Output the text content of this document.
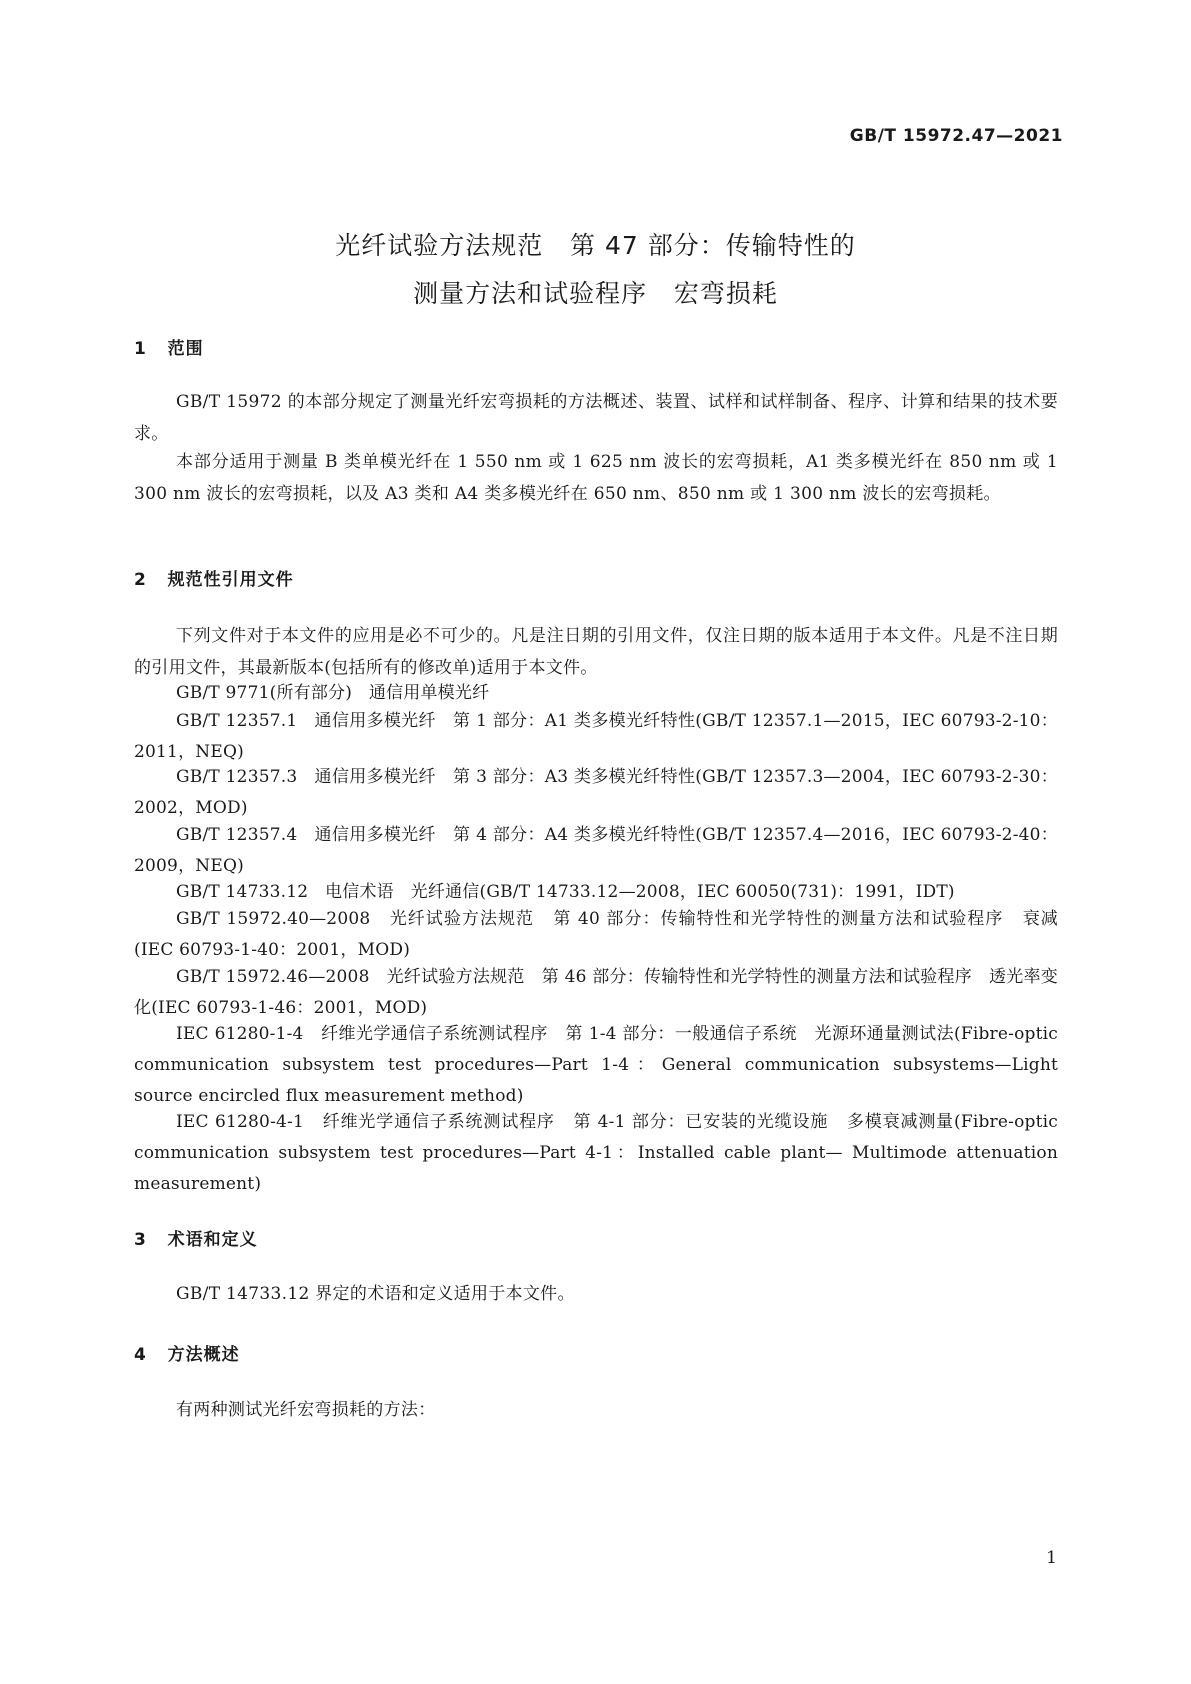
GB/T 15972.47—2021
光纤试验方法规范   第 47 部分：传输特性的
测量方法和试验程序   宏弯损耗
1   范围
GB/T 15972 的本部分规定了测量光纤宏弯损耗的方法概述、装置、试样和试样制备、程序、计算和结果的技术要求。
本部分适用于测量 B 类单模光纤在 1 550 nm 或 1 625 nm 波长的宏弯损耗，A1 类多模光纤在 850 nm 或 1 300 nm 波长的宏弯损耗，以及 A3 类和 A4 类多模光纤在 650 nm、850 nm 或 1 300 nm 波长的宏弯损耗。
2   规范性引用文件
下列文件对于本文件的应用是必不可少的。凡是注日期的引用文件，仅注日期的版本适用于本文件。凡是不注日期的引用文件，其最新版本(包括所有的修改单)适用于本文件。
GB/T 9771(所有部分)   通信用单模光纤
GB/T 12357.1   通信用多模光纤   第 1 部分：A1 类多模光纤特性(GB/T 12357.1—2015，IEC 60793-2-10：2011，NEQ)
GB/T 12357.3   通信用多模光纤   第 3 部分：A3 类多模光纤特性(GB/T 12357.3—2004，IEC 60793-2-30：2002，MOD)
GB/T 12357.4   通信用多模光纤   第 4 部分：A4 类多模光纤特性(GB/T 12357.4—2016，IEC 60793-2-40：2009，NEQ)
GB/T 14733.12   电信术语   光纤通信(GB/T 14733.12—2008，IEC 60050(731)：1991，IDT)
GB/T 15972.40—2008   光纤试验方法规范   第 40 部分：传输特性和光学特性的测量方法和试验程序   衰减(IEC 60793-1-40：2001，MOD)
GB/T 15972.46—2008   光纤试验方法规范   第 46 部分：传输特性和光学特性的测量方法和试验程序   透光率变化(IEC 60793-1-46：2001，MOD)
IEC 61280-1-4   纤维光学通信子系统测试程序   第 1-4 部分：一般通信子系统   光源环通量测试法(Fibre-optic communication subsystem test procedures—Part 1-4：General communication subsystems—Light source encircled flux measurement method)
IEC 61280-4-1   纤维光学通信子系统测试程序   第 4-1 部分：已安装的光缆设施   多模衰减测量(Fibre-optic communication subsystem test procedures—Part 4-1：Installed cable plant— Multimode attenuation measurement)
3   术语和定义
GB/T 14733.12 界定的术语和定义适用于本文件。
4   方法概述
有两种测试光纤宏弯损耗的方法：
1
